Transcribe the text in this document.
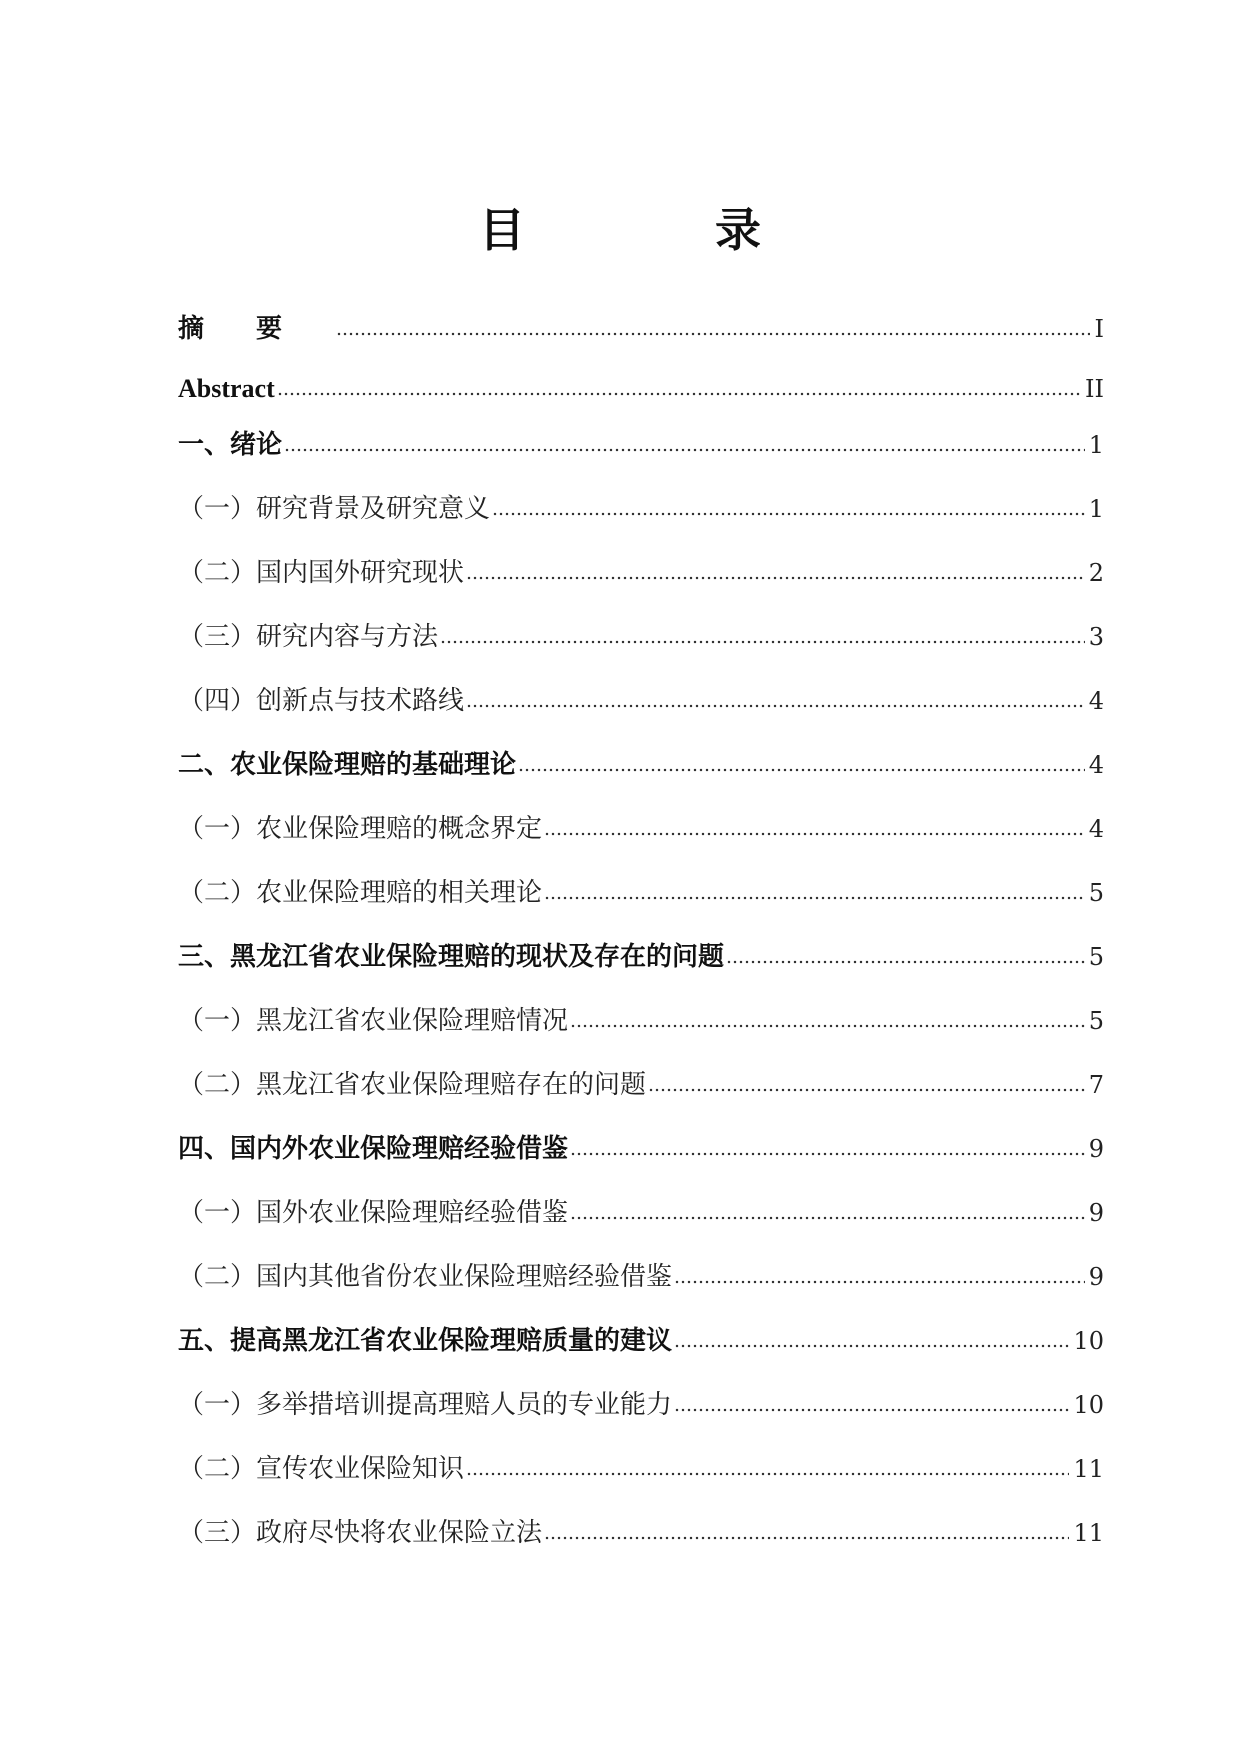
目　录
摘要	I
Abstract	II
一、绪论	1
（一）研究背景及研究意义	1
（二）国内国外研究现状	2
（三）研究内容与方法	3
（四）创新点与技术路线	4
二、农业保险理赔的基础理论	4
（一）农业保险理赔的概念界定	4
（二）农业保险理赔的相关理论	5
三、黑龙江省农业保险理赔的现状及存在的问题	5
（一）黑龙江省农业保险理赔情况	5
（二）黑龙江省农业保险理赔存在的问题	7
四、国内外农业保险理赔经验借鉴	9
（一）国外农业保险理赔经验借鉴	9
（二）国内其他省份农业保险理赔经验借鉴	9
五、提高黑龙江省农业保险理赔质量的建议	10
（一）多举措培训提高理赔人员的专业能力	10
（二）宣传农业保险知识	11
（三）政府尽快将农业保险立法	11
